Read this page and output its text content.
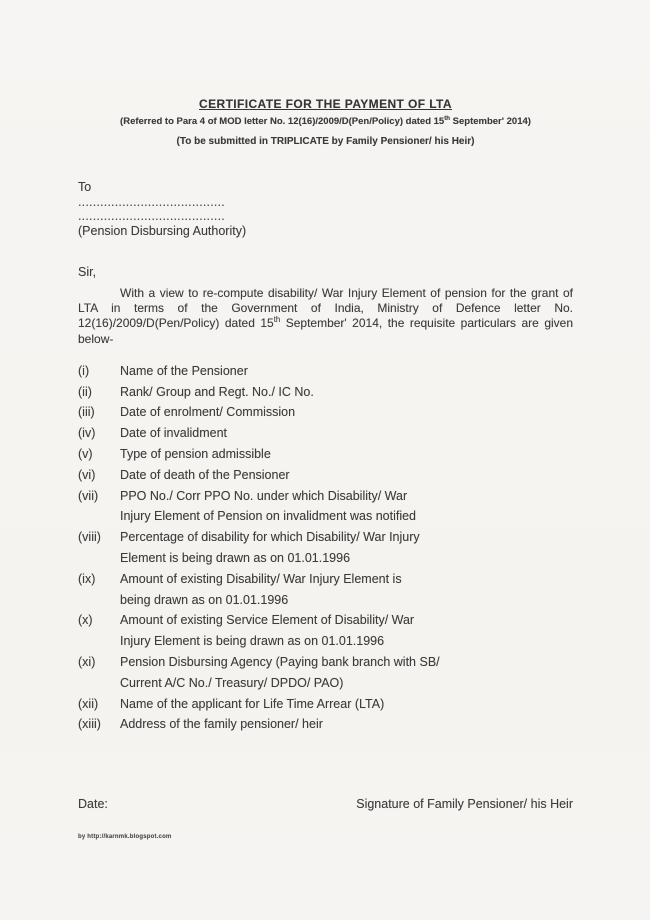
CERTIFICATE FOR THE PAYMENT OF LTA
(Referred to Para 4 of MOD letter No. 12(16)/2009/D(Pen/Policy) dated 15th September' 2014)
(To be submitted in TRIPLICATE by Family Pensioner/ his Heir)
To
........................................
........................................
(Pension Disbursing Authority)
Sir,
With a view to re-compute disability/ War Injury Element of pension for the grant of
LTA in terms of the Government of India, Ministry of Defence letter No.
12(16)/2009/D(Pen/Policy) dated 15th September' 2014, the requisite particulars are given
below-
(i)	Name of the Pensioner
(ii)	Rank/ Group and Regt. No./ IC No.
(iii)	Date of enrolment/ Commission
(iv)	Date of invalidment
(v)	Type of pension admissible
(vi)	Date of death of the Pensioner
(vii)	PPO No./ Corr PPO No. under which Disability/ War
Injury Element of Pension on invalidment was notified
(viii)	Percentage of disability for which Disability/ War Injury
Element is being drawn as on 01.01.1996
(ix)	Amount of existing Disability/ War Injury Element is
being drawn as on 01.01.1996
(x)	Amount of existing Service Element of Disability/ War
Injury Element is being drawn as on 01.01.1996
(xi)	Pension Disbursing Agency (Paying bank branch with SB/
Current A/C No./ Treasury/ DPDO/ PAO)
(xii)	Name of the applicant for Life Time Arrear (LTA)
(xiii)	Address of the family pensioner/ heir
Date:	Signature of Family Pensioner/ his Heir
by http://karnmk.blogspot.com
